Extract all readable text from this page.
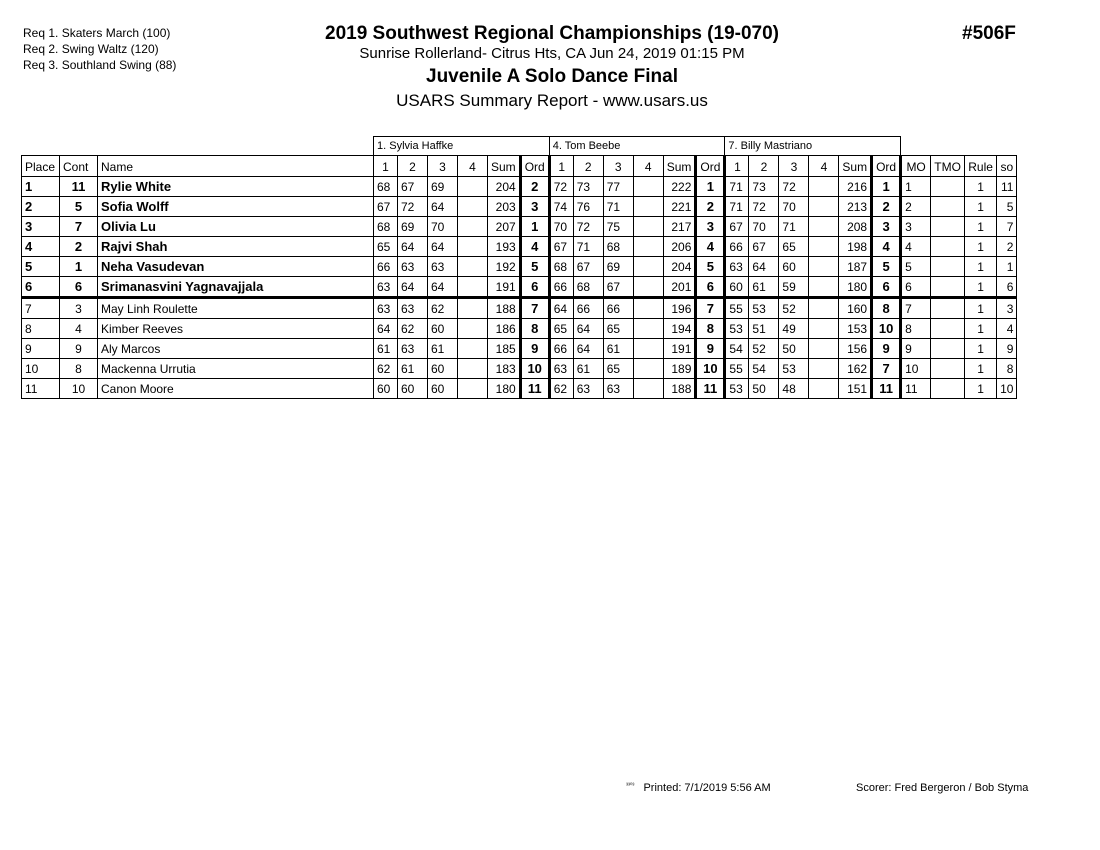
Req 1. Skaters March (100)
Req 2. Swing Waltz (120)
Req 3. Southland Swing (88)
2019 Southwest Regional Championships (19-070)
Sunrise Rollerland- Citrus Hts, CA Jun 24, 2019 01:15 PM
Juvenile A Solo Dance Final
USARS Summary Report - www.usars.us
#506F
			1. Sylvia Haffke						4. Tom Beebe						7. Billy Mastriano									
Place	Cont	Name	1	2	3	4	Sum	Ord	1	2	3	4	Sum	Ord	1	2	3	4	Sum	Ord	MO	TMO	Rule	so
1	11	Rylie White	68	67	69		204	2	72	73	77		222	1	71	73	72		216	1	1		1	11
2	5	Sofia Wolff	67	72	64		203	3	74	76	71		221	2	71	72	70		213	2	2		1	5
3	7	Olivia Lu	68	69	70		207	1	70	72	75		217	3	67	70	71		208	3	3		1	7
4	2	Rajvi Shah	65	64	64		193	4	67	71	68		206	4	66	67	65		198	4	4		1	2
5	1	Neha Vasudevan	66	63	63		192	5	68	67	69		204	5	63	64	60		187	5	5		1	1
6	6	Srimanasvini Yagnavajjala	63	64	64		191	6	66	68	67		201	6	60	61	59		180	6	6		1	6
7	3	May Linh Roulette	63	63	62		188	7	64	66	66		196	7	55	53	52		160	8	7		1	3
8	4	Kimber Reeves	64	62	60		186	8	65	64	65		194	8	53	51	49		153	10	8		1	4
9	9	Aly Marcos	61	63	61		185	9	66	64	61		191	9	54	52	50		156	9	9		1	9
10	8	Mackenna Urrutia	62	61	60		183	10	63	61	65		189	10	55	54	53		162	7	10		1	8
11	10	Canon Moore	60	60	60		180	11	62	63	63		188	11	53	50	48		151	11	11		1	10
$^{^{3303}}$ Printed: 7/1/2019 5:56 AM	Scorer: Fred Bergeron / Bob Styma
